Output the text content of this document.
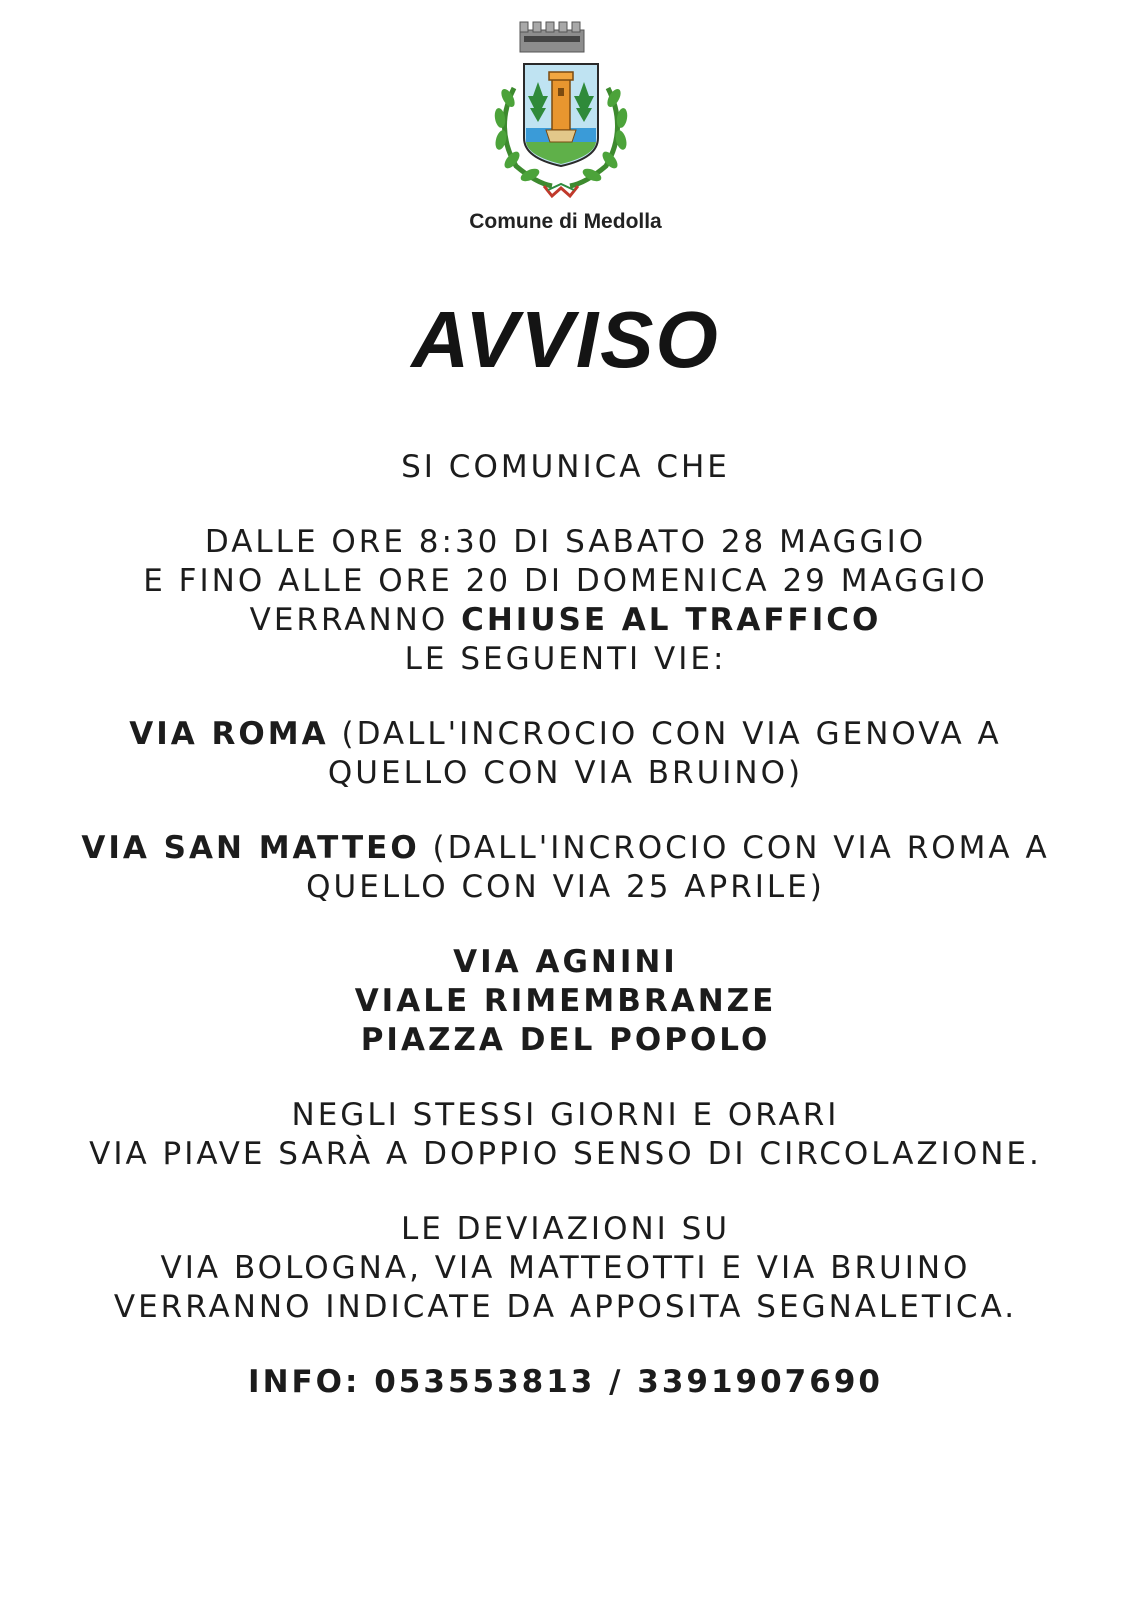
Comune di Medolla
AVVISO

SI COMUNICA CHE

DALLE ORE 8:30 DI SABATO 28 MAGGIO
E FINO ALLE ORE 20 DI DOMENICA 29 MAGGIO
VERRANNO CHIUSE AL TRAFFICO
LE SEGUENTI VIE:

VIA ROMA (DALL'INCROCIO CON VIA GENOVA A
QUELLO CON VIA BRUINO)

VIA SAN MATTEO (DALL'INCROCIO CON VIA ROMA A
QUELLO CON VIA 25 APRILE)

VIA AGNINI
VIALE RIMEMBRANZE
PIAZZA DEL POPOLO

NEGLI STESSI GIORNI E ORARI
VIA PIAVE SARÀ A DOPPIO SENSO DI CIRCOLAZIONE.

LE DEVIAZIONI SU
VIA BOLOGNA, VIA MATTEOTTI E VIA BRUINO
VERRANNO INDICATE DA APPOSITA SEGNALETICA.

INFO: 053553813 / 3391907690
